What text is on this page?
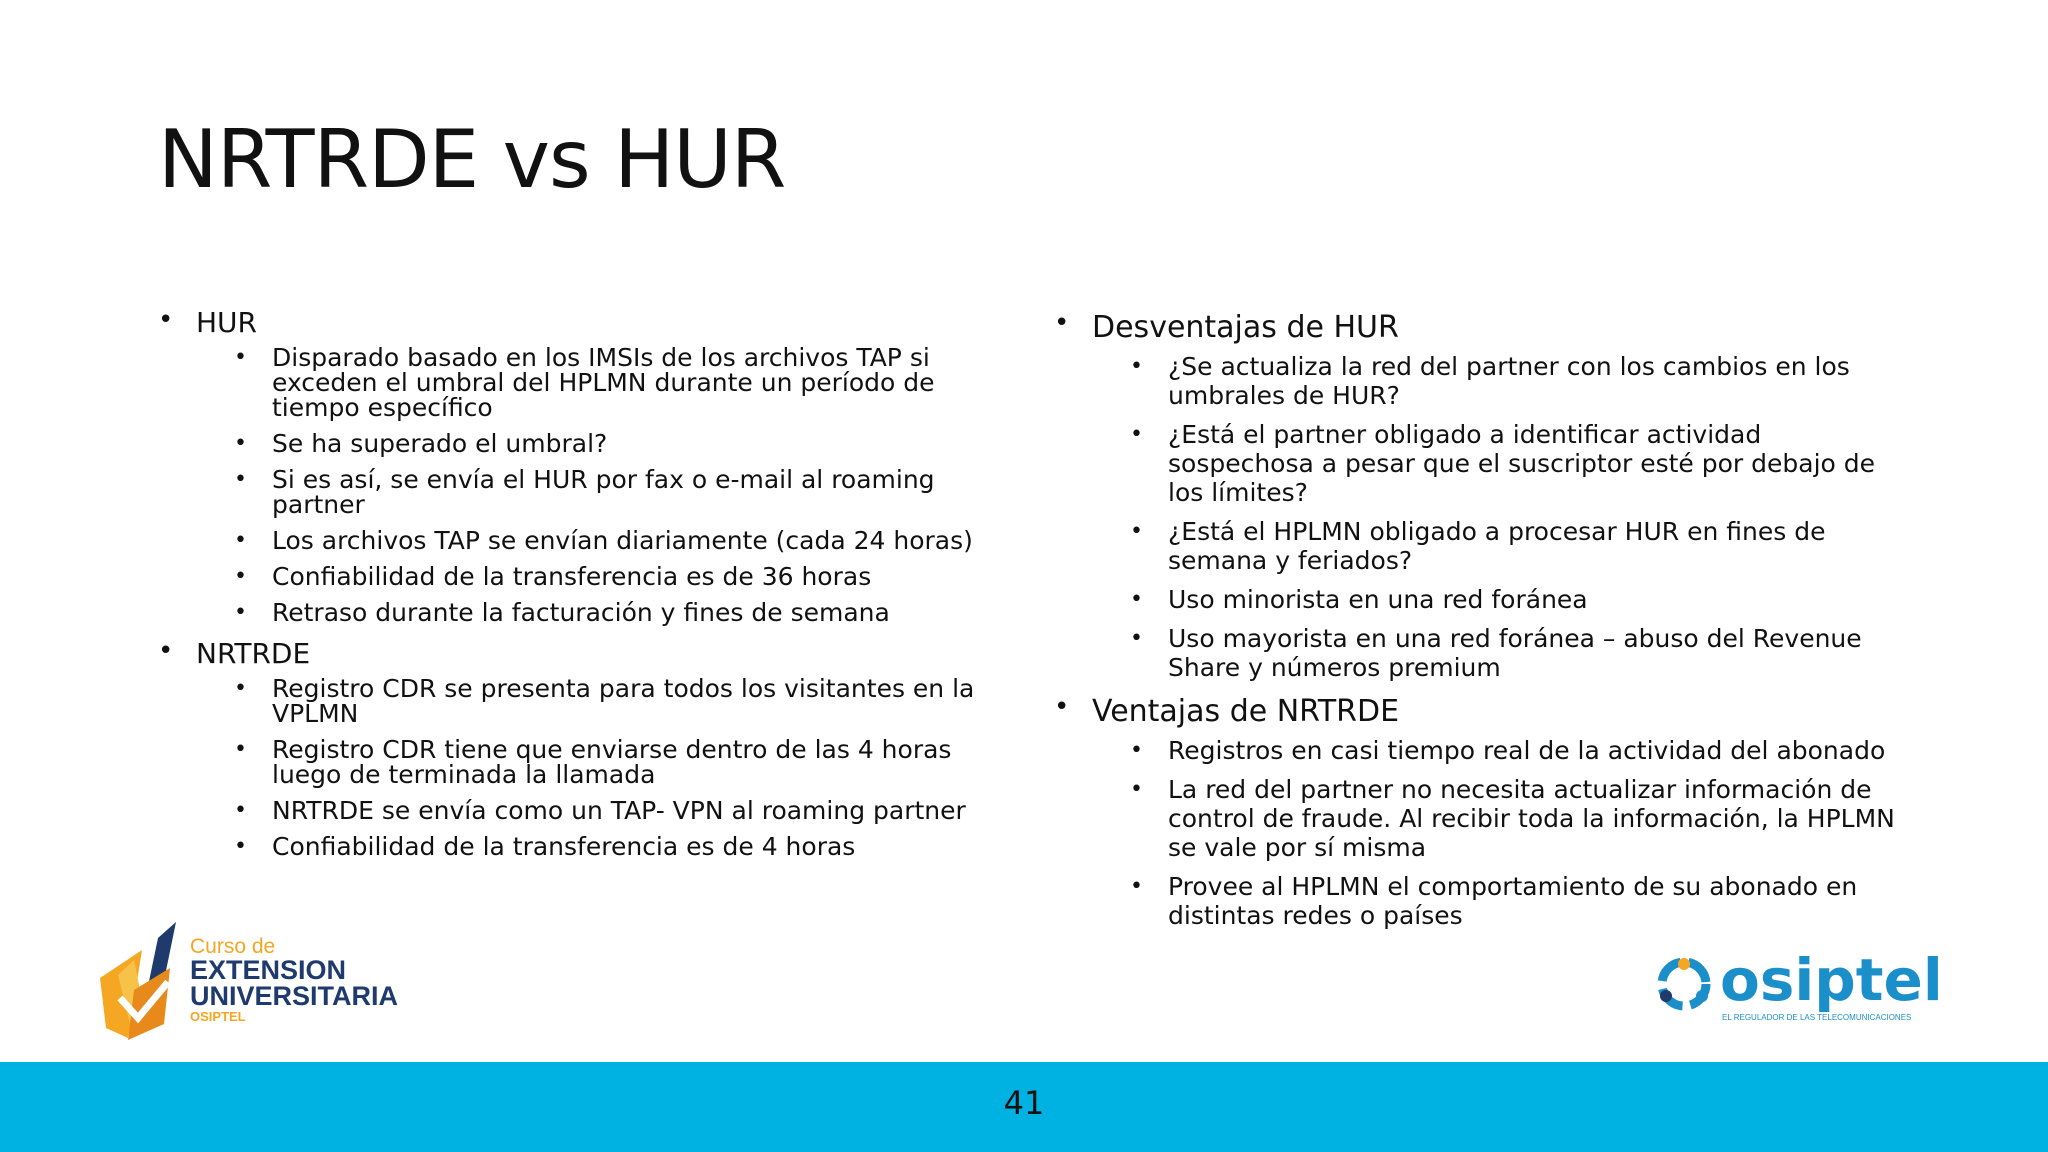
NRTRDE vs HUR
• HUR
• Disparado basado en los IMSIs de los archivos TAP si exceden el umbral del HPLMN durante un período de tiempo específico
• Se ha superado el umbral?
• Si es así, se envía el HUR por fax o e-mail al roaming partner
• Los archivos TAP se envían diariamente (cada 24 horas)
• Confiabilidad de la transferencia es de 36 horas
• Retraso durante la facturación y fines de semana
• NRTRDE
• Registro CDR se presenta para todos los visitantes en la VPLMN
• Registro CDR tiene que enviarse dentro de las 4 horas luego de terminada la llamada
• NRTRDE se envía como un TAP- VPN al roaming partner
• Confiabilidad de la transferencia es de 4 horas
• Desventajas de HUR
• ¿Se actualiza la red del partner con los cambios en los umbrales de HUR?
• ¿Está el partner obligado a identificar actividad sospechosa a pesar que el suscriptor esté por debajo de los límites?
• ¿Está el HPLMN obligado a procesar HUR en fines de semana y feriados?
• Uso minorista en una red foránea
• Uso mayorista en una red foránea – abuso del Revenue Share y números premium
• Ventajas de NRTRDE
• Registros en casi tiempo real de la actividad del abonado
• La red del partner no necesita actualizar información de control de fraude. Al recibir toda la información, la HPLMN se vale por sí misma
• Provee al HPLMN el comportamiento de su abonado en distintas redes o países
Curso de
EXTENSION
UNIVERSITARIA
OSIPTEL
osiptel
EL REGULADOR DE LAS TELECOMUNICACIONES
41
